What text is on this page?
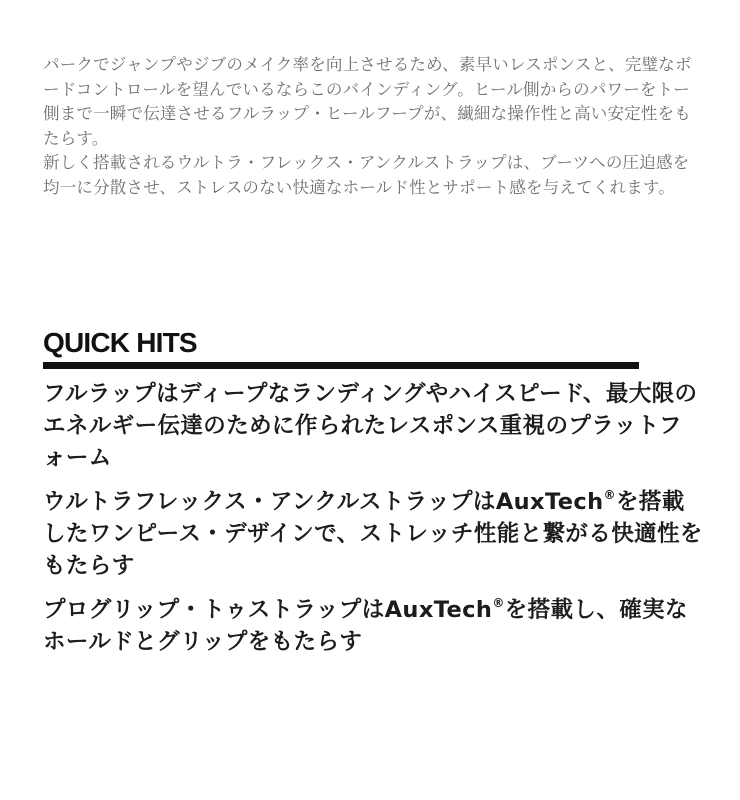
パークでジャンプやジブのメイク率を向上させるため、素早いレスポンスと、完璧なボードコントロールを望んでいるならこのバインディング。ヒール側からのパワーをトー側まで一瞬で伝達させるフルラップ・ヒールフープが、繊細な操作性と高い安定性をもたらす。

新しく搭載されるウルトラ・フレックス・アンクルストラップは、ブーツへの圧迫感を均一に分散させ、ストレスのない快適なホールド性とサポート感を与えてくれます。

QUICK HITS
フルラップはディープなランディングやハイスピード、最大限のエネルギー伝達のために作られたレスポンス重視のプラットフォーム
ウルトラフレックス・アンクルストラップはAuxTech®を搭載したワンピース・デザインで、ストレッチ性能と繋がる快適性をもたらす
プログリップ・トゥストラップはAuxTech®を搭載し、確実なホールドとグリップをもたらす
